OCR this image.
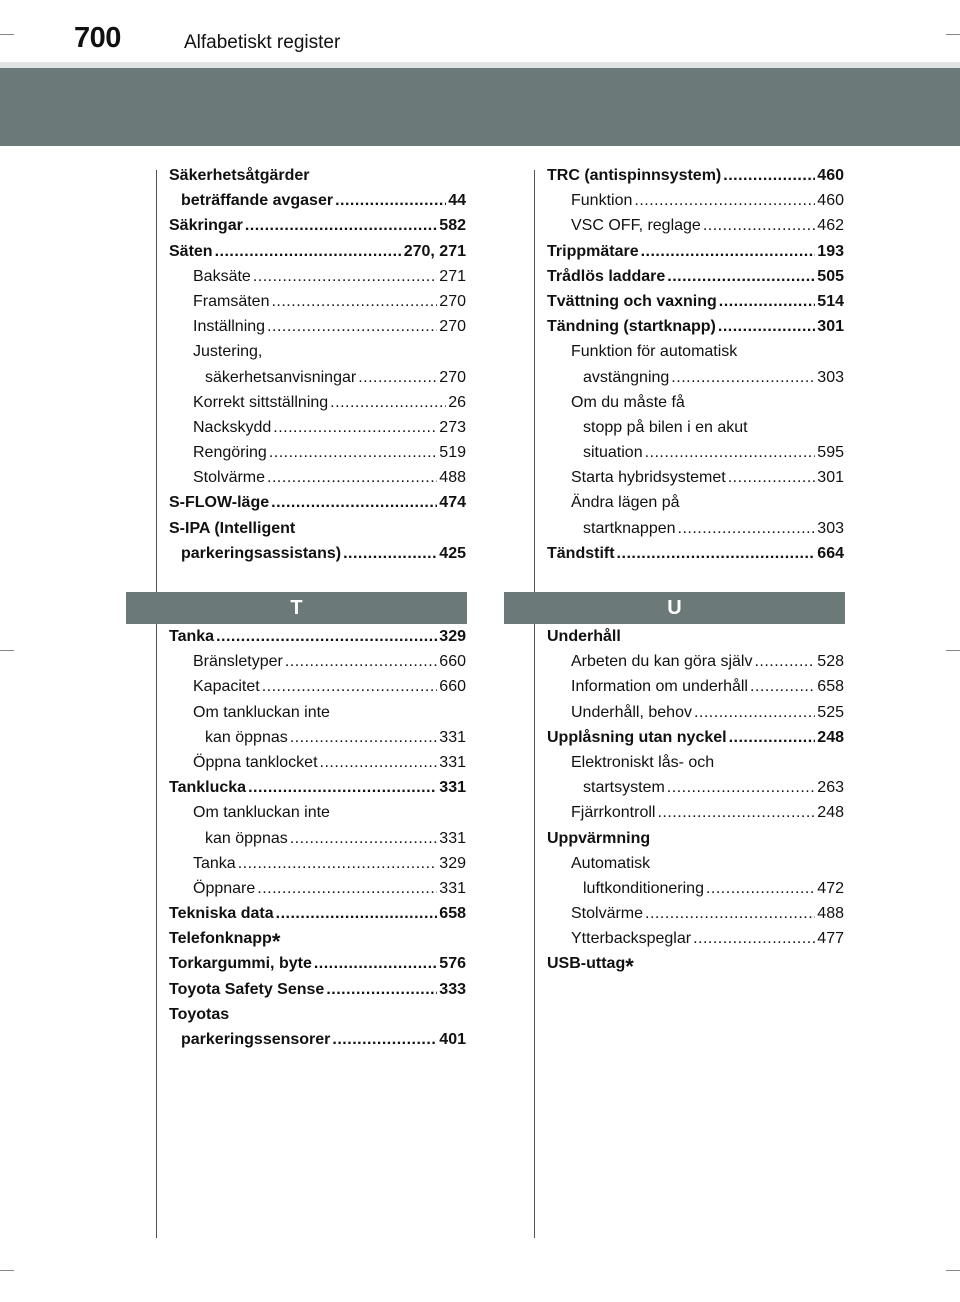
700	Alfabetiskt register
Säkerhetsåtgärder
beträffande avgaser .....	44
Säkringar .....	582
Säten .....	270, 271
Baksäte .....	271
Framsäten .....	270
Inställning .....	270
Justering,
säkerhetsanvisningar .....	270
Korrekt sittställning .....	26
Nackskydd .....	273
Rengöring .....	519
Stolvärme .....	488
S-FLOW-läge .....	474
S-IPA (Intelligent
parkeringsassistans) .....	425
Tanka .....	329
Bränsletyper .....	660
Kapacitet .....	660
Om tankluckan inte
kan öppnas .....	331
Öppna tanklocket .....	331
Tanklucka .....	331
Om tankluckan inte
kan öppnas .....	331
Tanka .....	329
Öppnare .....	331
Tekniska data .....	658
Telefonknapp*
Torkargummi, byte .....	576
Toyota Safety Sense .....	333
Toyotas
parkeringssensorer .....	401
T
TRC (antispinnsystem) .....	460
Funktion .....	460
VSC OFF, reglage .....	462
Trippmätare .....	193
Trådlös laddare .....	505
Tvättning och vaxning .....	514
Tändning (startknapp) .....	301
Funktion för automatisk
avstängning .....	303
Om du måste få
stopp på bilen i en akut
situation .....	595
Starta hybridsystemet .....	301
Ändra lägen på
startknappen .....	303
Tändstift .....	664
Underhåll
Arbeten du kan göra själv .....	528
Information om underhåll .....	658
Underhåll, behov .....	525
Upplåsning utan nyckel .....	248
Elektroniskt lås- och
startsystem .....	263
Fjärrkontroll .....	248
Uppvärmning
Automatisk
luftkonditionering .....	472
Stolvärme .....	488
Ytterbackspeglar .....	477
USB-uttag*
U
